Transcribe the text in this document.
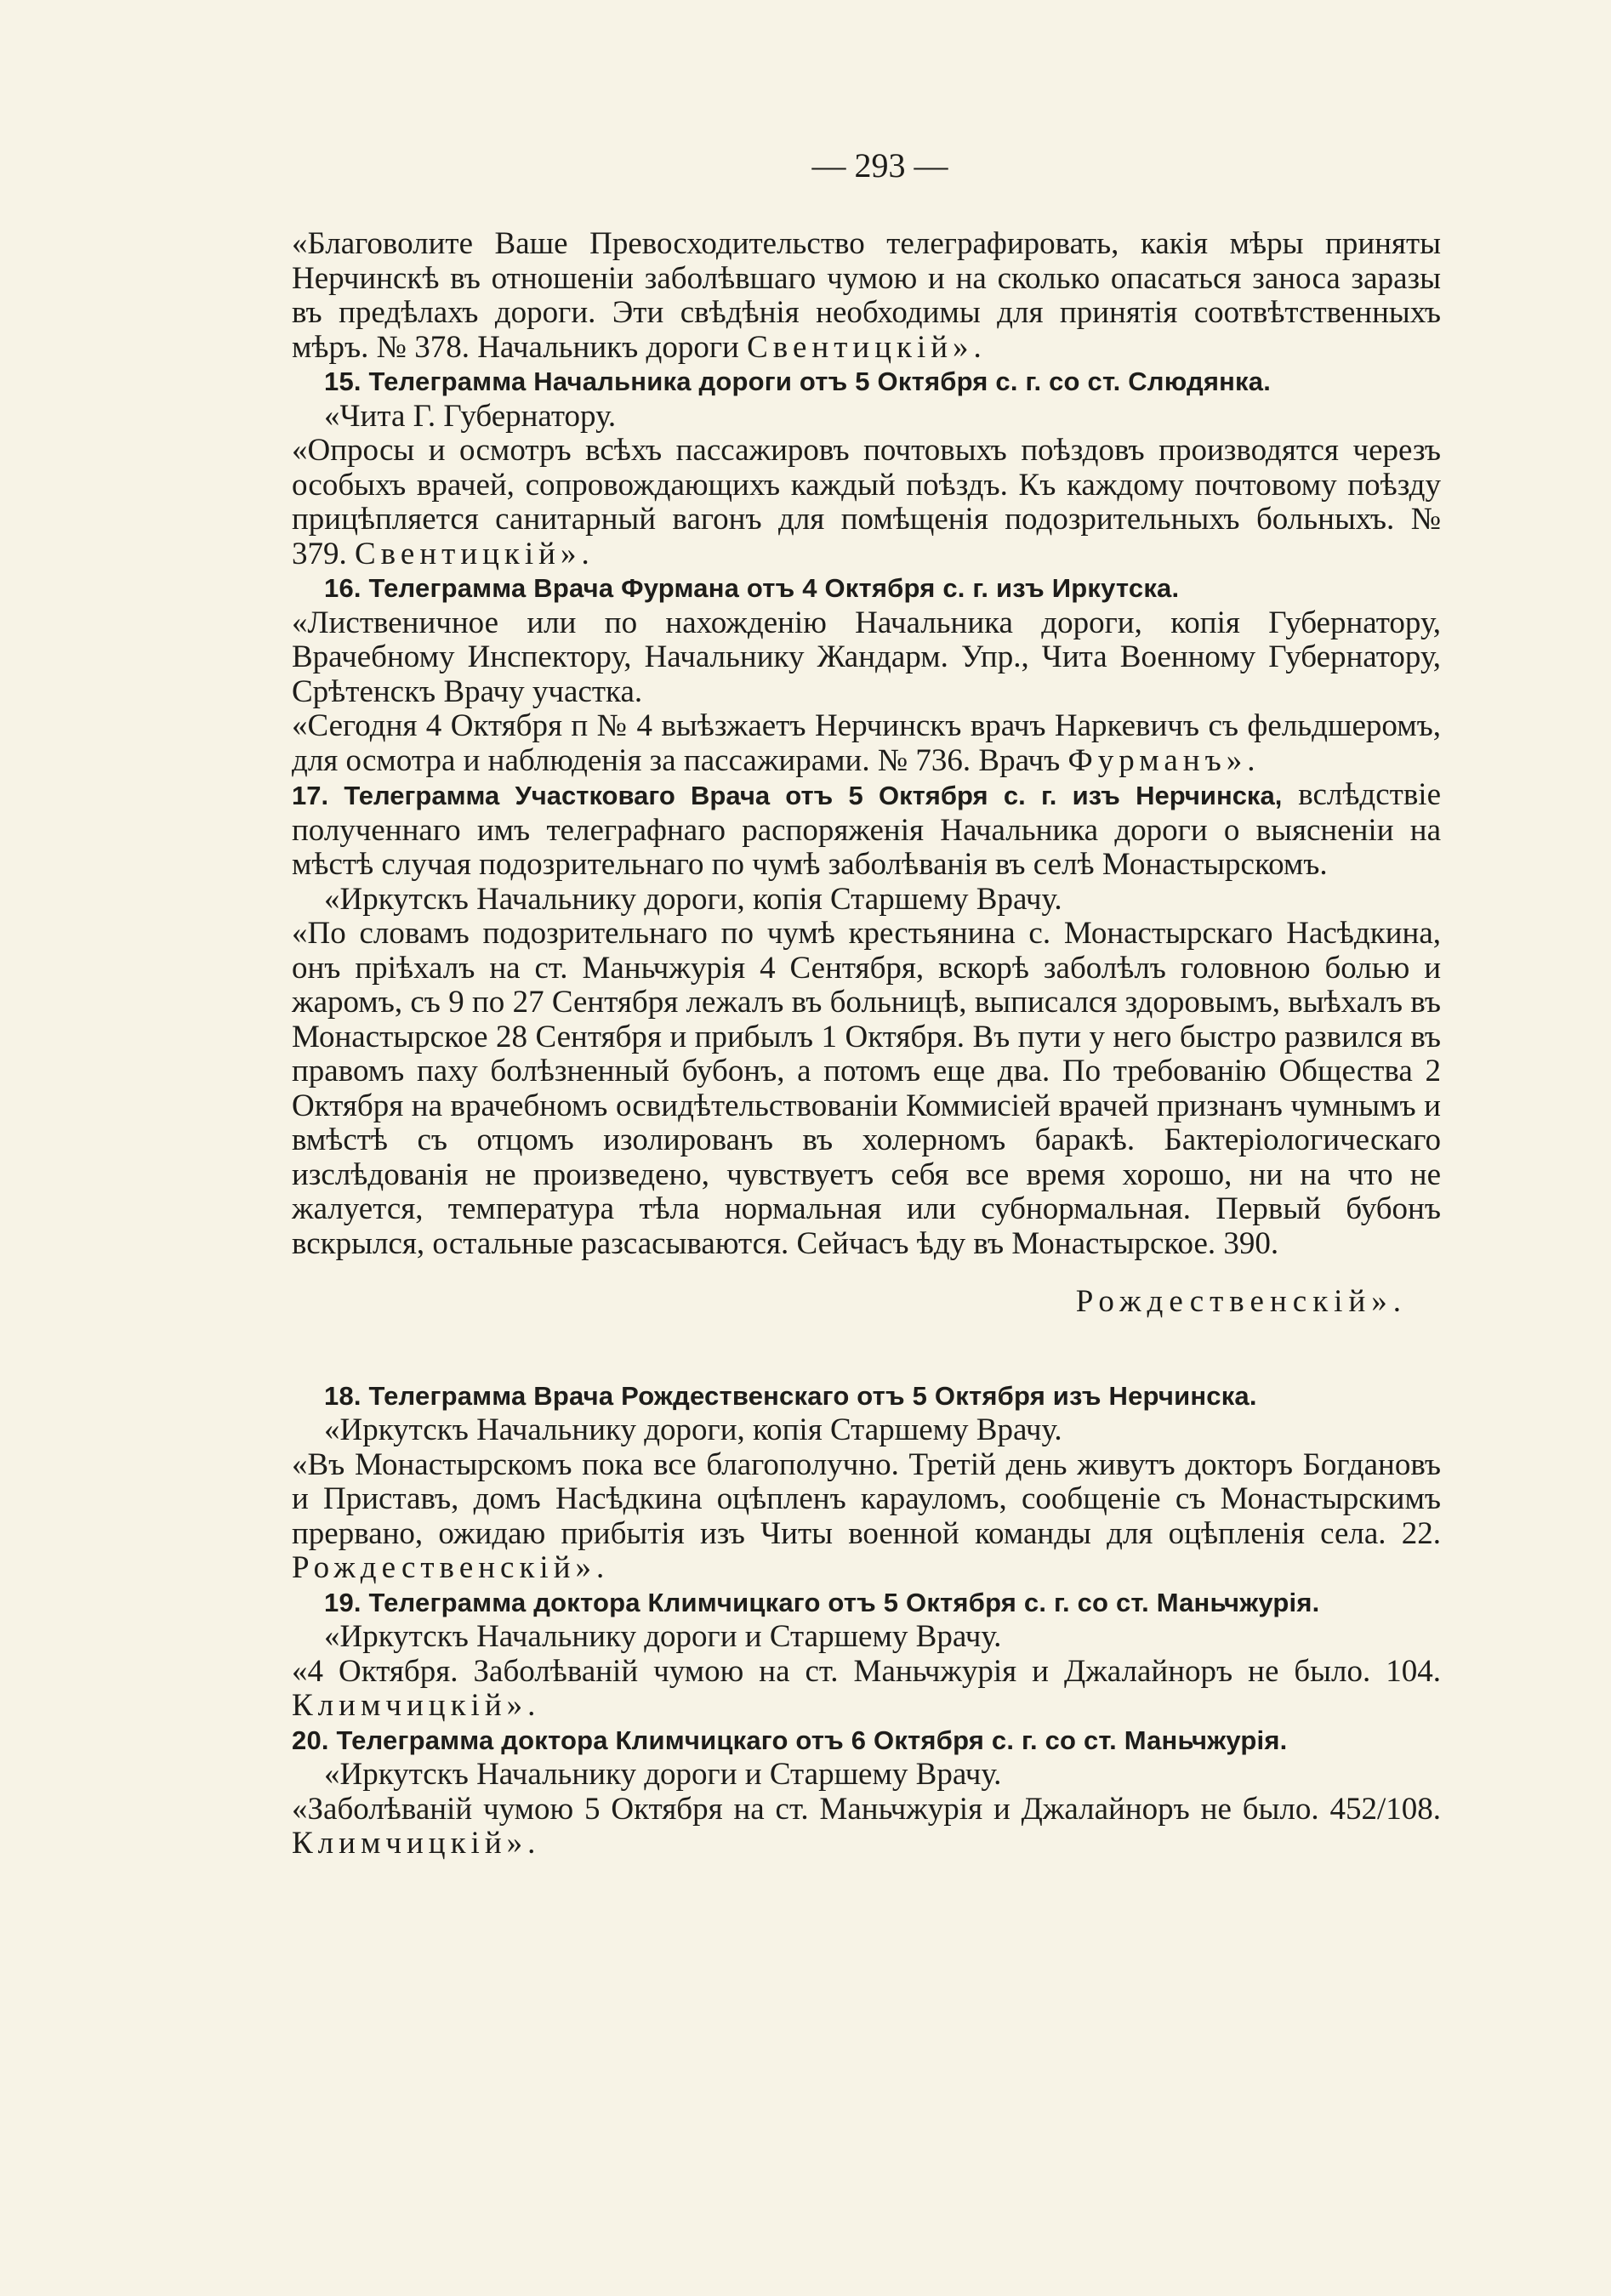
— 293 —

«Благоволите Ваше Превосходительство телеграфировать, какія мѣры приняты Нерчинскѣ въ отношеніи заболѣвшаго чумою и на сколько опасаться заноса заразы въ предѣлахъ дороги. Эти свѣдѣнія необходимы для принятія соотвѣтственныхъ мѣръ. № 378. Начальникъ дороги Свентицкій».

15. Телеграмма Начальника дороги отъ 5 Октября с. г. со ст. Слюдянка.

«Чита Г. Губернатору.

«Опросы и осмотръ всѣхъ пассажировъ почтовыхъ поѣздовъ производятся черезъ особыхъ врачей, сопровождающихъ каждый поѣздъ. Къ каждому почтовому поѣзду прицѣпляется санитарный вагонъ для помѣщенія подозрительныхъ больныхъ. № 379. Свентицкій».

16. Телеграмма Врача Фурмана отъ 4 Октября с. г. изъ Иркутска.

«Лиственичное или по нахожденію Начальника дороги, копія Губернатору, Врачебному Инспектору, Начальнику Жандарм. Упр., Чита Военному Губернатору, Срѣтенскъ Врачу участка.

«Сегодня 4 Октября п № 4 выѣзжаетъ Нерчинскъ врачъ Наркевичъ съ фельдшеромъ, для осмотра и наблюденія за пассажирами. № 736. Врачъ Фурманъ».

17. Телеграмма Участковаго Врача отъ 5 Октября с. г. изъ Нерчинска, вслѣдствіе полученнаго имъ телеграфнаго распоряженія Начальника дороги о выясненіи на мѣстѣ случая подозрительнаго по чумѣ заболѣванія въ селѣ Монастырскомъ.

«Иркутскъ Начальнику дороги, копія Старшему Врачу.

«По словамъ подозрительнаго по чумѣ крестьянина с. Монастырскаго Насѣдкина, онъ пріѣхалъ на ст. Маньчжурія 4 Сентября, вскорѣ заболѣлъ головною болью и жаромъ, съ 9 по 27 Сентября лежалъ въ больницѣ, выписался здоровымъ, выѣхалъ въ Монастырское 28 Сентября и прибылъ 1 Октября. Въ пути у него быстро развился въ правомъ паху болѣзненный бубонъ, а потомъ еще два. По требованію Общества 2 Октября на врачебномъ освидѣтельствованіи Коммисіей врачей признанъ чумнымъ и вмѣстѣ съ отцомъ изолированъ въ холерномъ баракѣ. Бактеріологическаго изслѣдованія не произведено, чувствуетъ себя все время хорошо, ни на что не жалуется, температура тѣла нормальная или субнормальная. Первый бубонъ вскрылся, остальные разсасываются. Сейчасъ ѣду въ Монастырское. 390.

Рождественскій».

18. Телеграмма Врача Рождественскаго отъ 5 Октября изъ Нерчинска.

«Иркутскъ Начальнику дороги, копія Старшему Врачу.

«Въ Монастырскомъ пока все благополучно. Третій день живутъ докторъ Богдановъ и Приставъ, домъ Насѣдкина оцѣпленъ карауломъ, сообщеніе съ Монастырскимъ прервано, ожидаю прибытія изъ Читы военной команды для оцѣпленія села. 22. Рождественскій».

19. Телеграмма доктора Климчицкаго отъ 5 Октября с. г. со ст. Маньчжурія.

«Иркутскъ Начальнику дороги и Старшему Врачу.

«4 Октября. Заболѣваній чумою на ст. Маньчжурія и Джалайноръ не было. 104. Климчицкій».

20. Телеграмма доктора Климчицкаго отъ 6 Октября с. г. со ст. Маньчжурія.

«Иркутскъ Начальнику дороги и Старшему Врачу.

«Заболѣваній чумою 5 Октября на ст. Маньчжурія и Джалайноръ не было. 452/108. Климчицкій».
